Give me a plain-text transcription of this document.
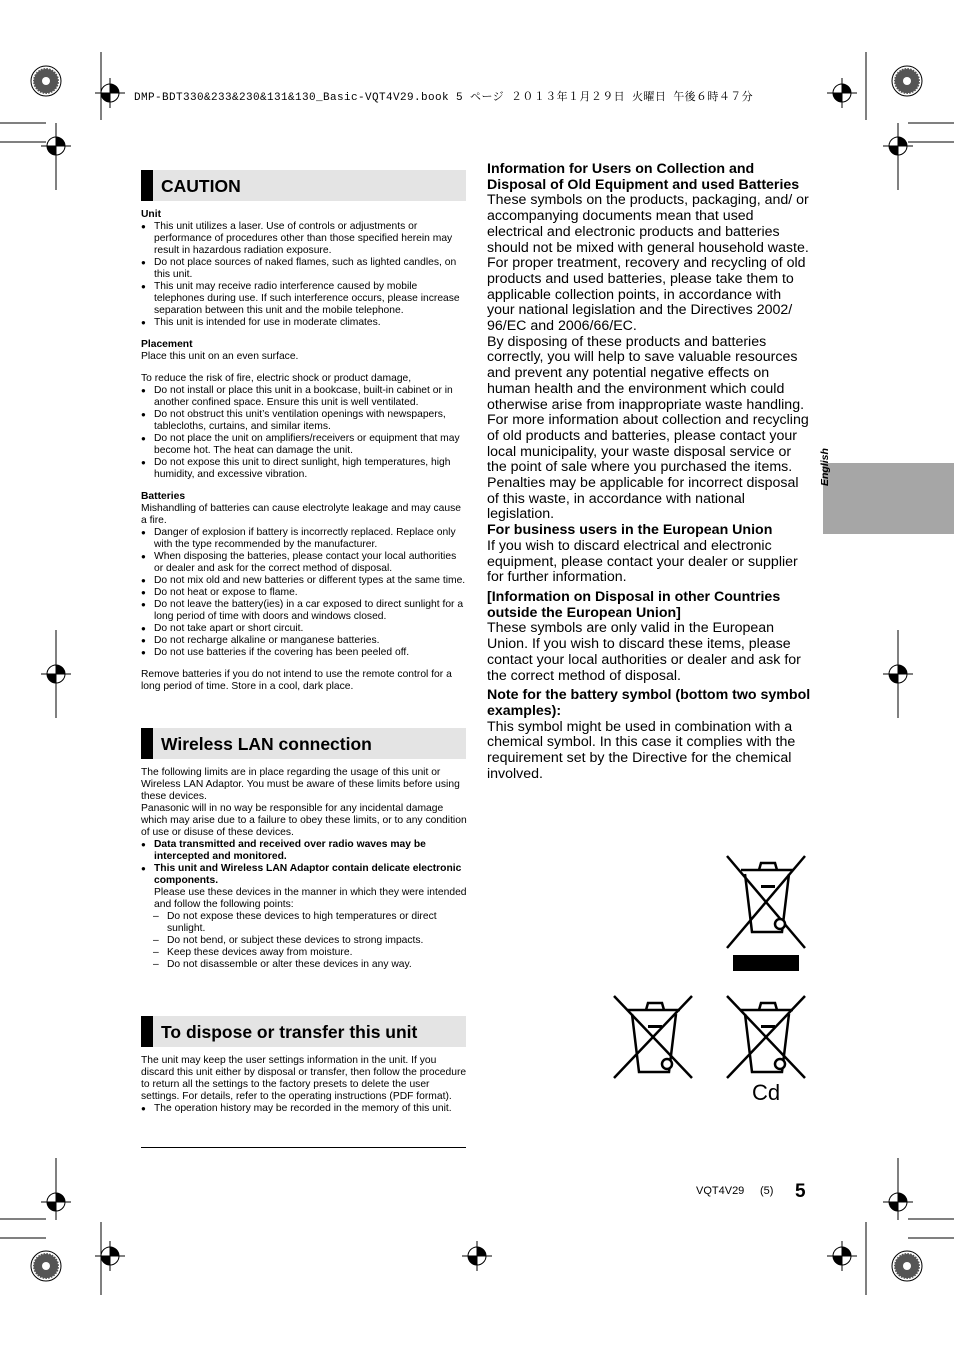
DMP-BDT330&233&230&131&130_Basic-VQT4V29.book 5 ページ ２０１３年１月２９日 火曜日 午後６時４７分
CAUTION
Unit
● This unit utilizes a laser. Use of controls or adjustments or performance of procedures other than those specified herein may result in hazardous radiation exposure.
● Do not place sources of naked flames, such as lighted candles, on this unit.
● This unit may receive radio interference caused by mobile telephones during use. If such interference occurs, please increase separation between this unit and the mobile telephone.
● This unit is intended for use in moderate climates.
Placement
Place this unit on an even surface.
To reduce the risk of fire, electric shock or product damage,
● Do not install or place this unit in a bookcase, built-in cabinet or in another confined space. Ensure this unit is well ventilated.
● Do not obstruct this unit’s ventilation openings with newspapers, tablecloths, curtains, and similar items.
● Do not place the unit on amplifiers/receivers or equipment that may become hot. The heat can damage the unit.
● Do not expose this unit to direct sunlight, high temperatures, high humidity, and excessive vibration.
Batteries
Mishandling of batteries can cause electrolyte leakage and may cause a fire.
● Danger of explosion if battery is incorrectly replaced. Replace only with the type recommended by the manufacturer.
● When disposing the batteries, please contact your local authorities or dealer and ask for the correct method of disposal.
● Do not mix old and new batteries or different types at the same time.
● Do not heat or expose to flame.
● Do not leave the battery(ies) in a car exposed to direct sunlight for a long period of time with doors and windows closed.
● Do not take apart or short circuit.
● Do not recharge alkaline or manganese batteries.
● Do not use batteries if the covering has been peeled off.
Remove batteries if you do not intend to use the remote control for a long period of time. Store in a cool, dark place.
Wireless LAN connection
The following limits are in place regarding the usage of this unit or Wireless LAN Adaptor. You must be aware of these limits before using these devices.
Panasonic will in no way be responsible for any incidental damage which may arise due to a failure to obey these limits, or to any condition of use or disuse of these devices.
● Data transmitted and received over radio waves may be intercepted and monitored.
● This unit and Wireless LAN Adaptor contain delicate electronic components.
Please use these devices in the manner in which they were intended and follow the following points:
– Do not expose these devices to high temperatures or direct sunlight.
– Do not bend, or subject these devices to strong impacts.
– Keep these devices away from moisture.
– Do not disassemble or alter these devices in any way.
To dispose or transfer this unit
The unit may keep the user settings information in the unit. If you discard this unit either by disposal or transfer, then follow the procedure to return all the settings to the factory presets to delete the user settings. For details, refer to the operating instructions (PDF format).
● The operation history may be recorded in the memory of this unit.

Information for Users on Collection and Disposal of Old Equipment and used Batteries

These symbols on the products, packaging, and/ or accompanying documents mean that used electrical and electronic products and batteries should not be mixed with general household waste.

For proper treatment, recovery and recycling of old products and used batteries, please take them to applicable collection points, in accordance with your national legislation and the Directives 2002/ 96/EC and 2006/66/EC.

By disposing of these products and batteries correctly, you will help to save valuable resources and prevent any potential negative effects on human health and the environment which could otherwise arise from inappropriate waste handling.

For more information about collection and recycling of old products and batteries, please contact your local municipality, your waste disposal service or the point of sale where you purchased the items.

Penalties may be applicable for incorrect disposal of this waste, in accordance with national legislation.

For business users in the European Union

If you wish to discard electrical and electronic equipment, please contact your dealer or supplier for further information.

[Information on Disposal in other Countries outside the European Union]

These symbols are only valid in the European Union. If you wish to discard these items, please contact your local authorities or dealer and ask for the correct method of disposal.

Note for the battery symbol (bottom two symbol examples):

This symbol might be used in combination with a chemical symbol. In this case it complies with the requirement set by the Directive for the chemical involved.

Cd
English
VQT4V29 (5) 5
